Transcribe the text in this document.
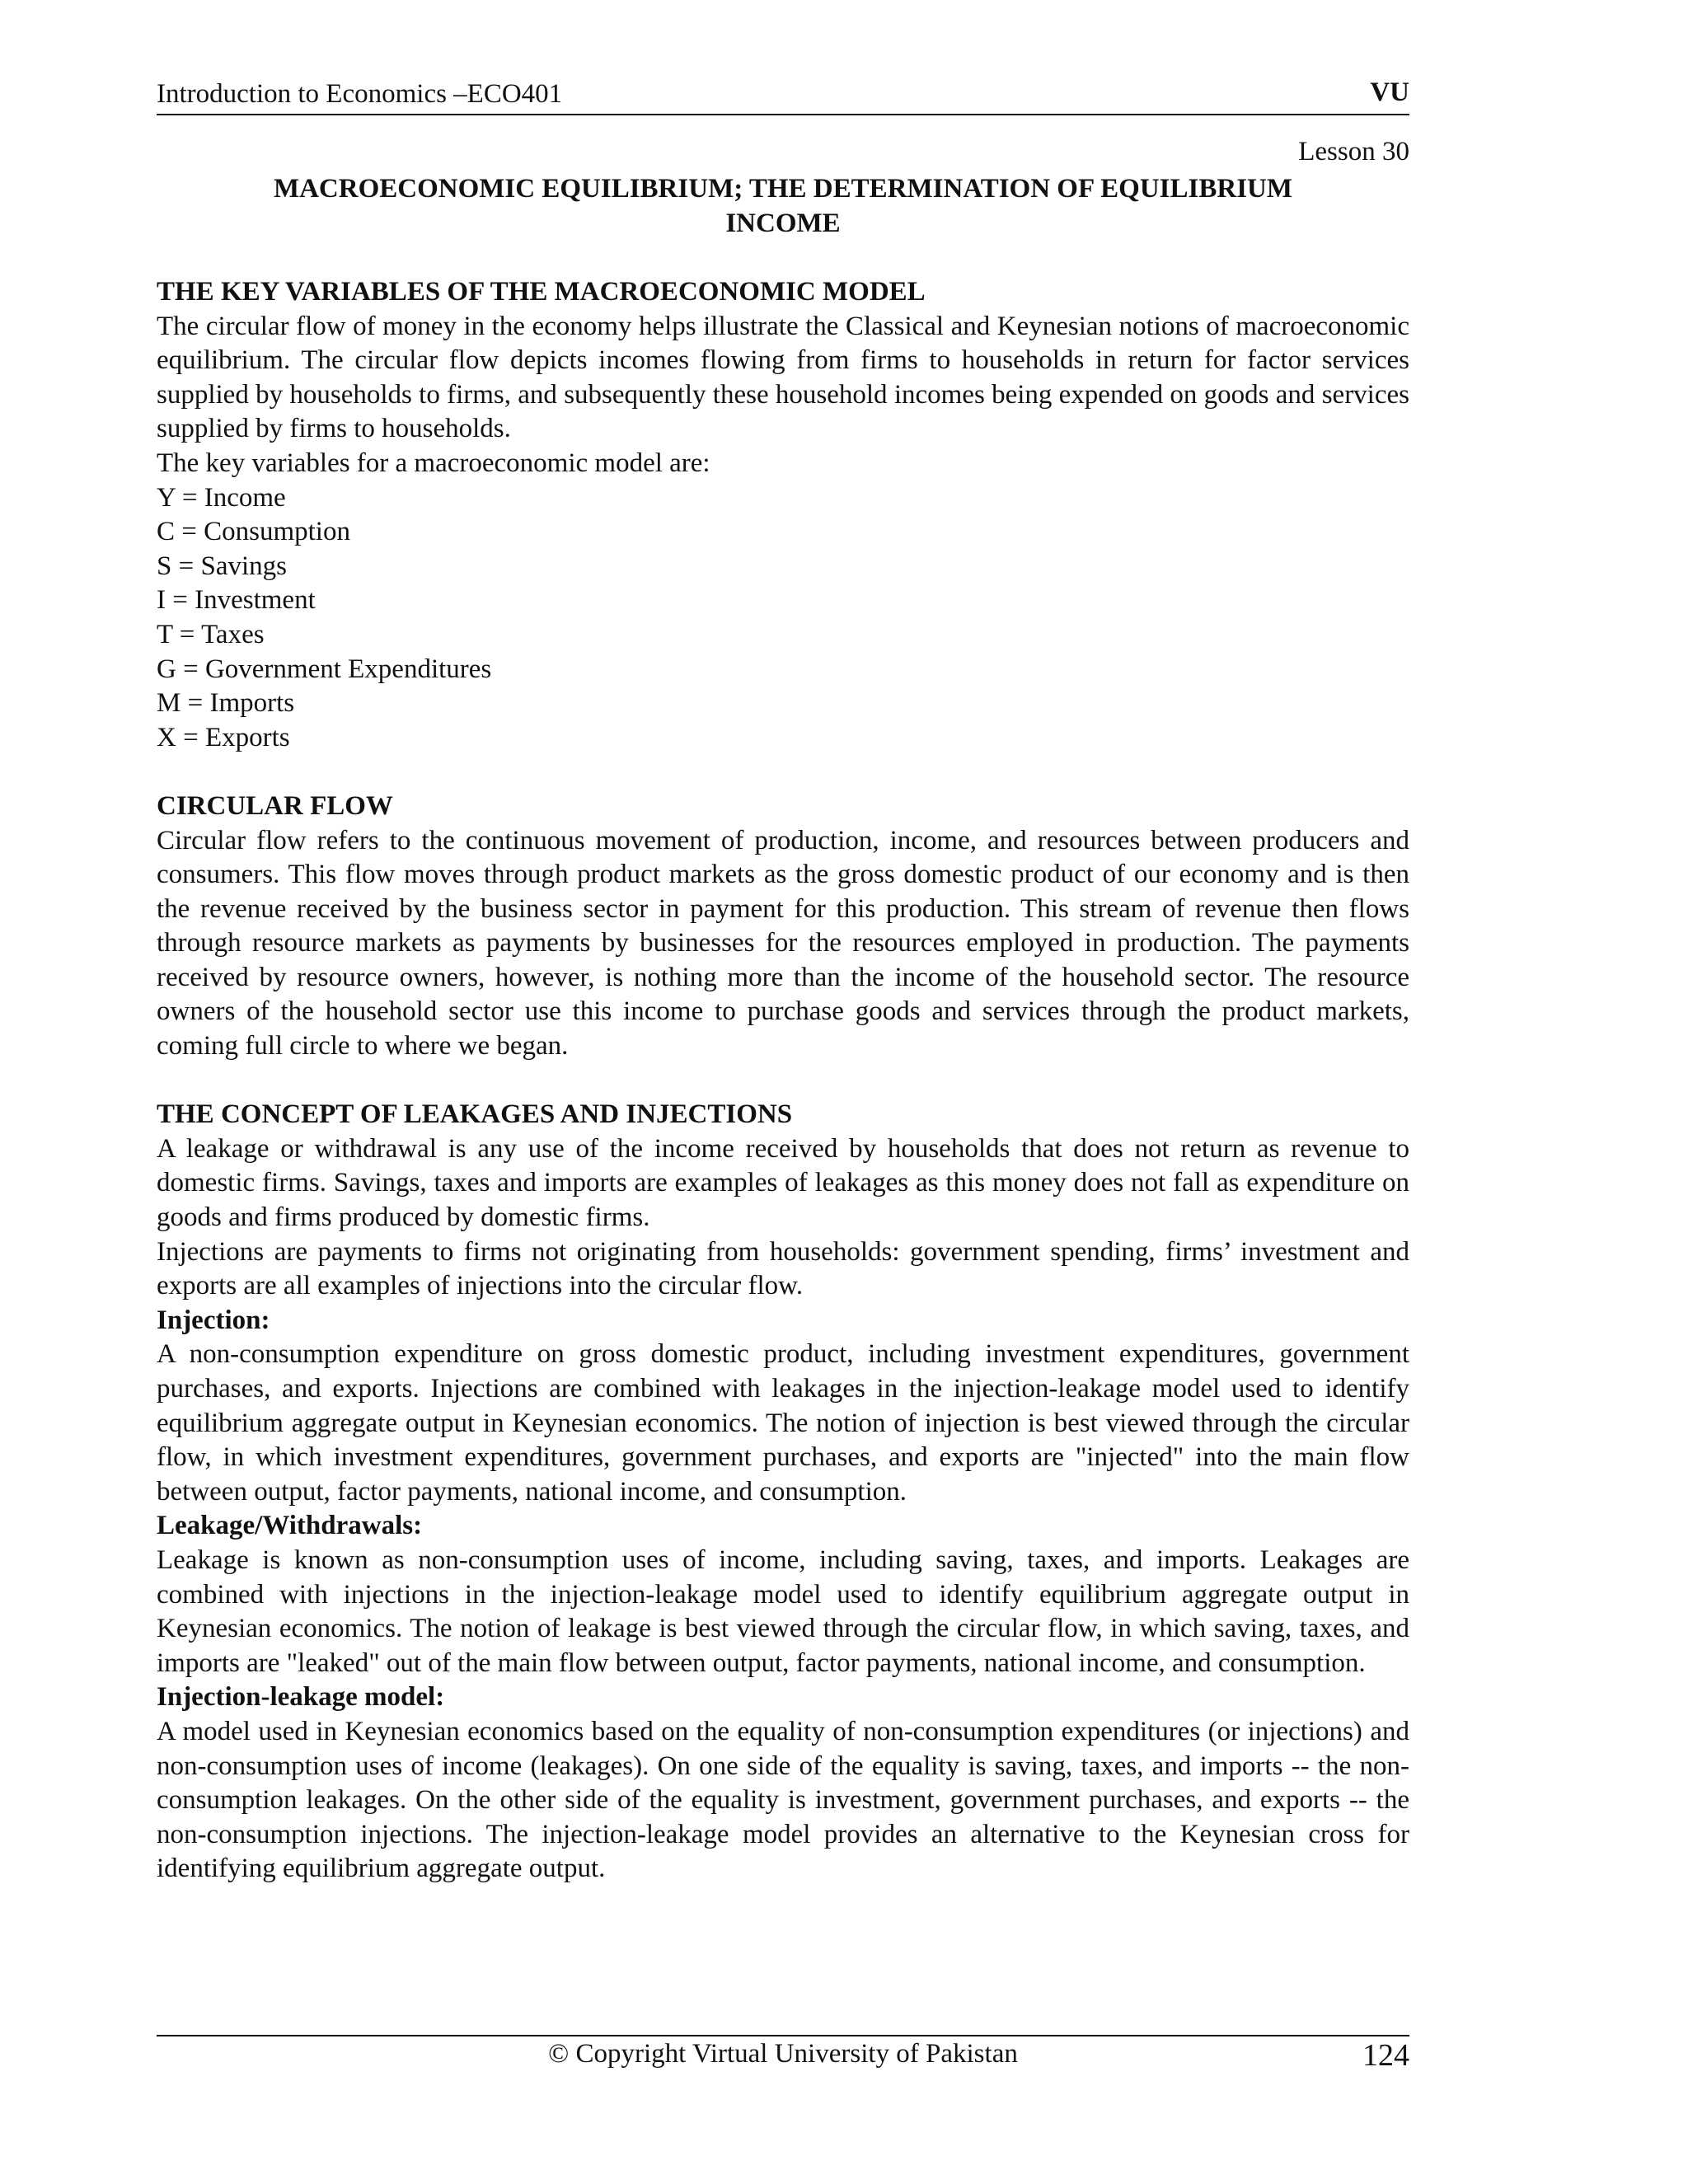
Introduction to Economics –ECO401	VU
Lesson 30
MACROECONOMIC EQUILIBRIUM; THE DETERMINATION OF EQUILIBRIUM
INCOME
THE KEY VARIABLES OF THE MACROECONOMIC MODEL

The circular flow of money in the economy helps illustrate the Classical and Keynesian notions of macroeconomic equilibrium. The circular flow depicts incomes flowing from firms to households in return for factor services supplied by households to firms, and subsequently these household incomes being expended on goods and services supplied by firms to households.

The key variables for a macroeconomic model are:

Y = Income
C = Consumption
S = Savings
I = Investment
T = Taxes
G = Government Expenditures
M = Imports
X = Exports
CIRCULAR FLOW

Circular flow refers to the continuous movement of production, income, and resources between producers and consumers. This flow moves through product markets as the gross domestic product of our economy and is then the revenue received by the business sector in payment for this production. This stream of revenue then flows through resource markets as payments by businesses for the resources employed in production. The payments received by resource owners, however, is nothing more than the income of the household sector. The resource owners of the household sector use this income to purchase goods and services through the product markets, coming full circle to where we began.

THE CONCEPT OF LEAKAGES AND INJECTIONS

A leakage or withdrawal is any use of the income received by households that does not return as revenue to domestic firms. Savings, taxes and imports are examples of leakages as this money does not fall as expenditure on goods and firms produced by domestic firms.

Injections are payments to firms not originating from households: government spending, firms’ investment and exports are all examples of injections into the circular flow.

Injection:

A non-consumption expenditure on gross domestic product, including investment expenditures, government purchases, and exports. Injections are combined with leakages in the injection-leakage model used to identify equilibrium aggregate output in Keynesian economics. The notion of injection is best viewed through the circular flow, in which investment expenditures, government purchases, and exports are "injected" into the main flow between output, factor payments, national income, and consumption.

Leakage/Withdrawals:

Leakage is known as non-consumption uses of income, including saving, taxes, and imports. Leakages are combined with injections in the injection-leakage model used to identify equilibrium aggregate output in Keynesian economics. The notion of leakage is best viewed through the circular flow, in which saving, taxes, and imports are "leaked" out of the main flow between output, factor payments, national income, and consumption.

Injection-leakage model:

A model used in Keynesian economics based on the equality of non-consumption expenditures (or injections) and non-consumption uses of income (leakages). On one side of the equality is saving, taxes, and imports -- the non-consumption leakages. On the other side of the equality is investment, government purchases, and exports -- the non-consumption injections. The injection-leakage model provides an alternative to the Keynesian cross for identifying equilibrium aggregate output.

© Copyright Virtual University of Pakistan	124
